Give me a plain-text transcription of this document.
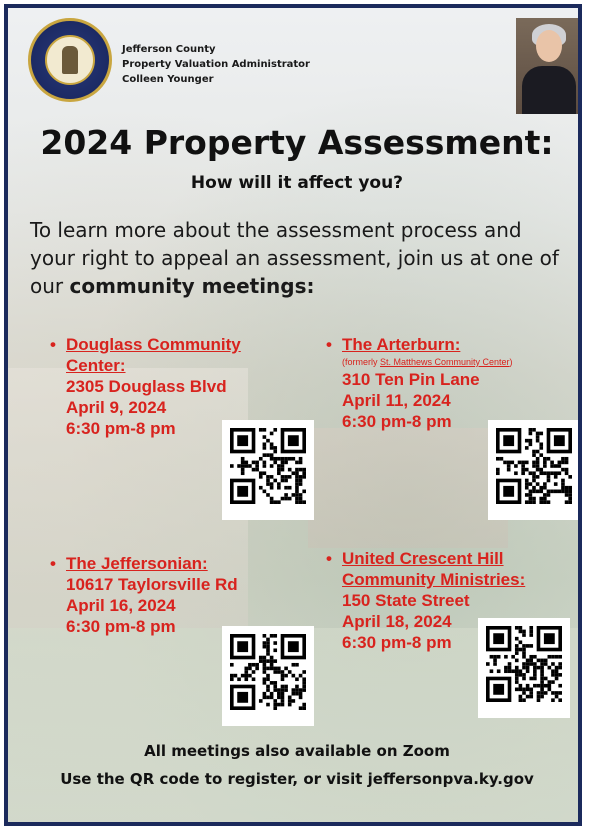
Jefferson County
Property Valuation Administrator
Colleen Younger
2024 Property Assessment:
How will it affect you?
To learn more about the assessment process and your right to appeal an assessment, join us at one of our community meetings:
• Douglass Community
Center:
2305 Douglass Blvd
April 9, 2024
6:30 pm-8 pm
• The Arterburn:
(formerly St. Matthews Community Center)
310 Ten Pin Lane
April 11, 2024
6:30 pm-8 pm
• The Jeffersonian:
10617 Taylorsville Rd
April 16, 2024
6:30 pm-8 pm
• United Crescent Hill
Community Ministries:
150 State Street
April 18, 2024
6:30 pm-8 pm
All meetings also available on Zoom
Use the QR code to register, or visit jeffersonpva.ky.gov
